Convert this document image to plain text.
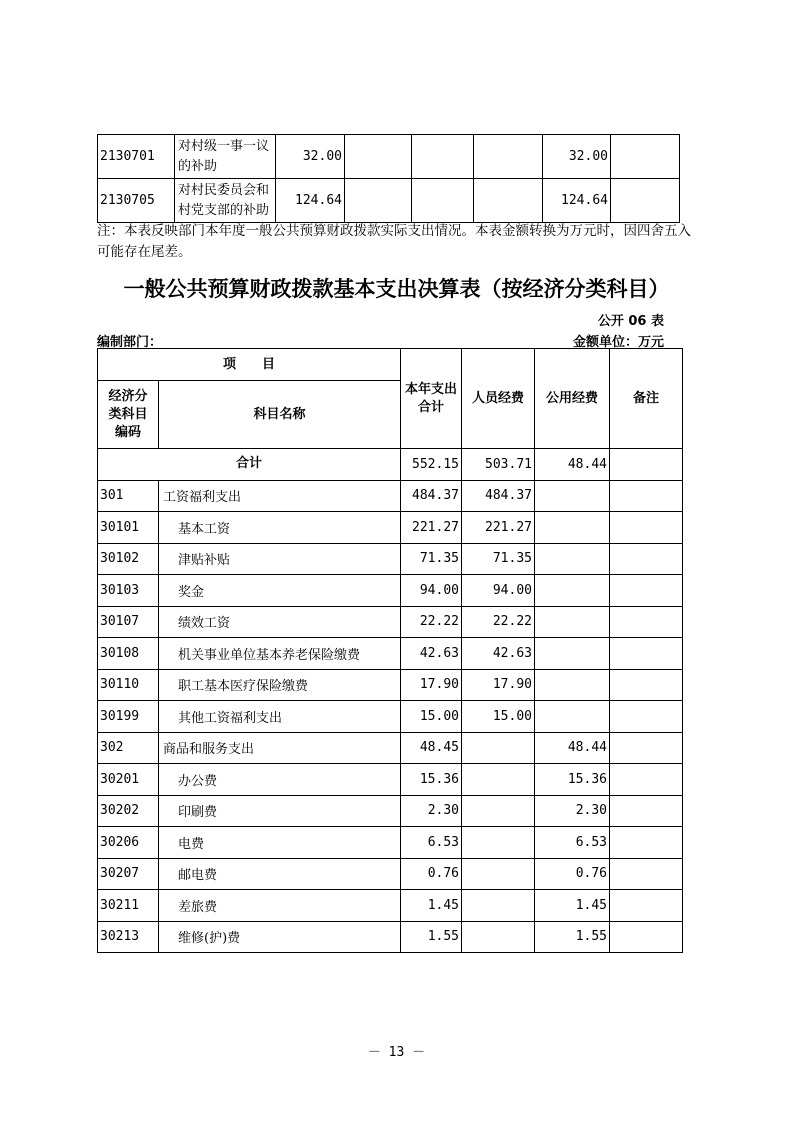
2130701	对村级一事一议的补助	32.00				32.00	
2130705	对村民委员会和村党支部的补助	124.64				124.64	

注：本表反映部门本年度一般公共预算财政拨款实际支出情况。本表金额转换为万元时，因四舍五入可能存在尾差。

一般公共预算财政拨款基本支出决算表（按经济分类科目）
公开 06 表
编制部门：	金额单位：万元
项　　目		本年支出合计	人员经费	公用经费	备注
经济分类科目编码	科目名称				
合计		552.15	503.71	48.44	
301	工资福利支出	484.37	484.37		
30101	基本工资	221.27	221.27		
30102	津贴补贴	71.35	71.35		
30103	奖金	94.00	94.00		
30107	绩效工资	22.22	22.22		
30108	机关事业单位基本养老保险缴费	42.63	42.63		
30110	职工基本医疗保险缴费	17.90	17.90		
30199	其他工资福利支出	15.00	15.00		
302	商品和服务支出	48.45		48.44	
30201	办公费	15.36		15.36	
30202	印刷费	2.30		2.30	
30206	电费	6.53		6.53	
30207	邮电费	0.76		0.76	
30211	差旅费	1.45		1.45	
30213	维修(护)费	1.55		1.55	
－ 13 －
